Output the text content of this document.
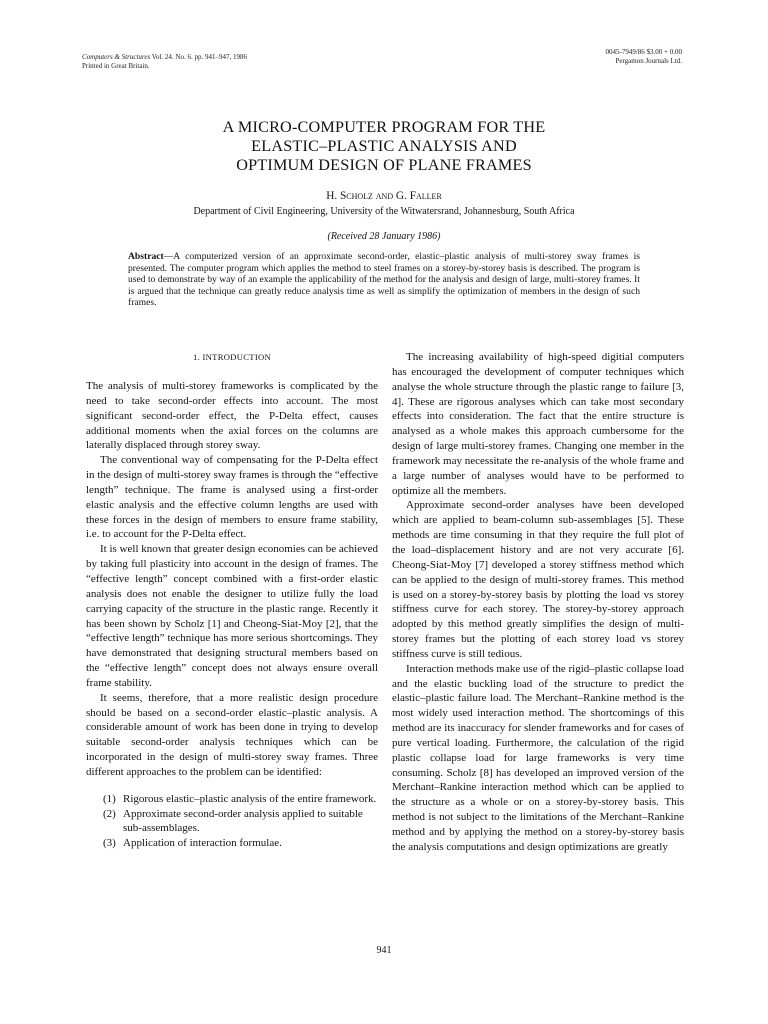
Computers & Structures Vol. 24. No. 6. pp. 941–947, 1986
Printed in Great Britain.
0045-7949/86 $3.00 + 0.00
Pergamon Journals Ltd.
A MICRO-COMPUTER PROGRAM FOR THE
ELASTIC–PLASTIC ANALYSIS AND
OPTIMUM DESIGN OF PLANE FRAMES
H. Scholz and G. Faller
Department of Civil Engineering, University of the Witwatersrand, Johannesburg, South Africa
(Received 28 January 1986)
Abstract—A computerized version of an approximate second-order, elastic–plastic analysis of multi-storey sway frames is presented. The computer program which applies the method to steel frames on a storey-by-storey basis is described. The program is used to demonstrate by way of an example the applicability of the method for the analysis and design of large, multi-storey frames. It is argued that the technique can greatly reduce analysis time as well as simplify the optimization of members in the design of such frames.
1. INTRODUCTION

The analysis of multi-storey frameworks is complicated by the need to take second-order effects into account. The most significant second-order effect, the P-Delta effect, causes additional moments when the axial forces on the columns are laterally displaced through storey sway.

The conventional way of compensating for the P-Delta effect in the design of multi-storey sway frames is through the “effective length” technique. The frame is analysed using a first-order elastic analysis and the effective column lengths are used with these forces in the design of members to ensure frame stability, i.e. to account for the P-Delta effect.

It is well known that greater design economies can be achieved by taking full plasticity into account in the design of frames. The “effective length” concept combined with a first-order elastic analysis does not enable the designer to utilize fully the load carrying capacity of the structure in the plastic range. Recently it has been shown by Scholz [1] and Cheong-Siat-Moy [2], that the “effective length” technique has more serious shortcomings. They have demonstrated that designing structural members based on the “effective length” concept does not always ensure overall frame stability.

It seems, therefore, that a more realistic design procedure should be based on a second-order elastic–plastic analysis. A considerable amount of work has been done in trying to develop suitable second-order analysis techniques which can be incorporated in the design of multi-storey sway frames. Three different approaches to the problem can be identified:

(1) Rigorous elastic–plastic analysis of the entire framework.
(2) Approximate second-order analysis applied to suitable sub-assemblages.
(3) Application of interaction formulae.

The increasing availability of high-speed digitial computers has encouraged the development of computer techniques which analyse the whole structure through the plastic range to failure [3, 4]. These are rigorous analyses which can take most secondary effects into consideration. The fact that the entire structure is analysed as a whole makes this approach cumbersome for the design of large multi-storey frames. Changing one member in the framework may necessitate the re-analysis of the whole frame and a large number of analyses would have to be performed to optimize all the members.

Approximate second-order analyses have been developed which are applied to beam-column sub-assemblages [5]. These methods are time consuming in that they require the full plot of the load–displacement history and are not very accurate [6]. Cheong-Siat-Moy [7] developed a storey stiffness method which can be applied to the design of multi-storey frames. This method is used on a storey-by-storey basis by plotting the load vs storey stiffness curve for each storey. The storey-by-storey approach adopted by this method greatly simplifies the design of multi-storey frames but the plotting of each storey load vs storey stiffness curve is still tedious.

Interaction methods make use of the rigid–plastic collapse load and the elastic buckling load of the structure to predict the elastic–plastic failure load. The Merchant–Rankine method is the most widely used interaction method. The shortcomings of this method are its inaccuracy for slender frameworks and for cases of pure vertical loading. Furthermore, the calculation of the rigid plastic collapse load for large frameworks is very time consuming. Scholz [8] has developed an improved version of the Merchant–Rankine interaction method which can be applied to the structure as a whole or on a storey-by-storey basis. This method is not subject to the limitations of the Merchant–Rankine method and by applying the method on a storey-by-storey basis the analysis computations and design optimizations are greatly

941
